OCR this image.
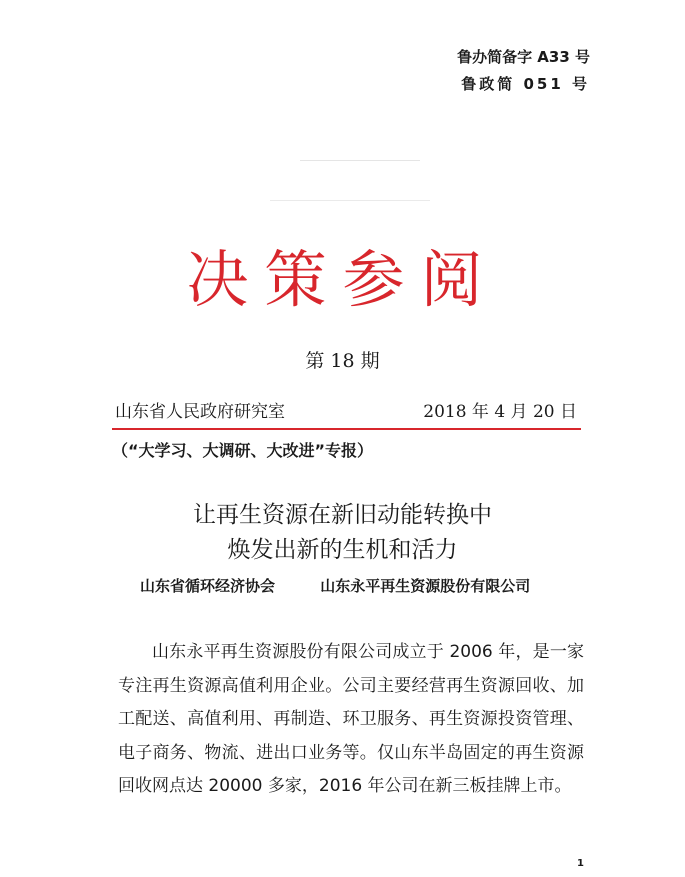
鲁办简备字 A33 号
鲁政简 051 号
决策参阅
第 18 期
山东省人民政府研究室	2018 年 4 月 20 日
（“大学习、大调研、大改进”专报）
让再生资源在新旧动能转换中
焕发出新的生机和活力
山东省循环经济协会	山东永平再生资源股份有限公司
山东永平再生资源股份有限公司成立于 2006 年，是一家专注再生资源高值利用企业。公司主要经营再生资源回收、加工配送、高值利用、再制造、环卫服务、再生资源投资管理、电子商务、物流、进出口业务等。仅山东半岛固定的再生资源回收网点达 20000 多家，2016 年公司在新三板挂牌上市。
1
